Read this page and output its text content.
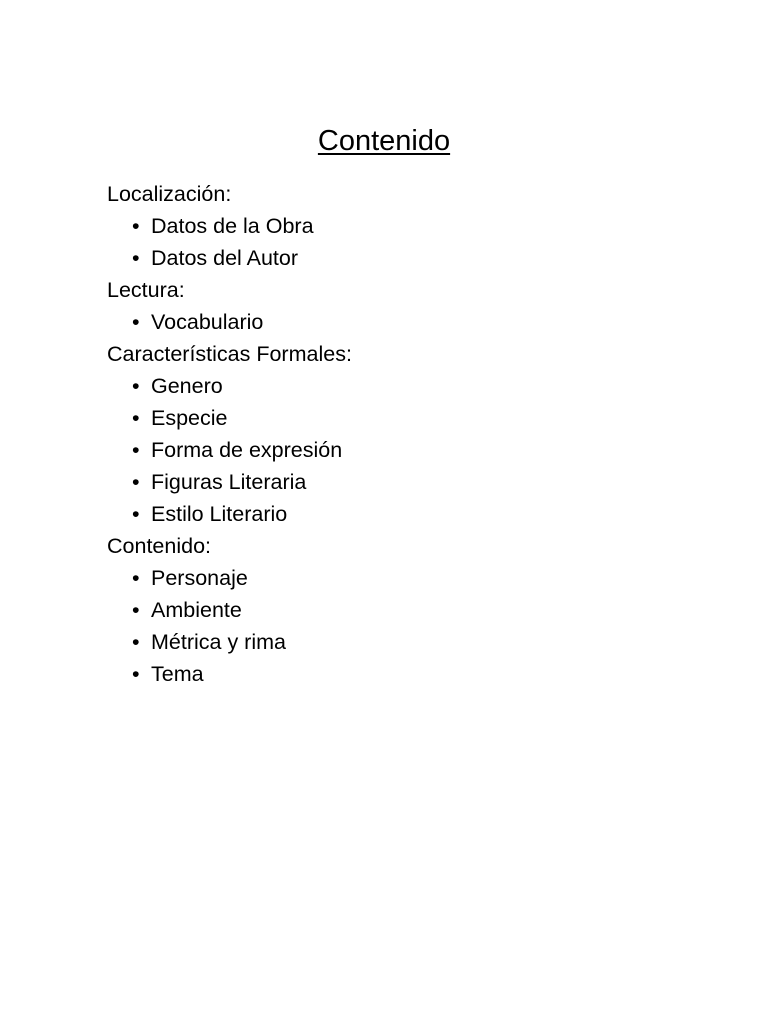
Contenido
Localización:
• Datos de la Obra
• Datos del Autor
Lectura:
• Vocabulario
Características Formales:
• Genero
• Especie
• Forma de expresión
• Figuras Literaria
• Estilo Literario
Contenido:
• Personaje
• Ambiente
• Métrica y rima
• Tema
